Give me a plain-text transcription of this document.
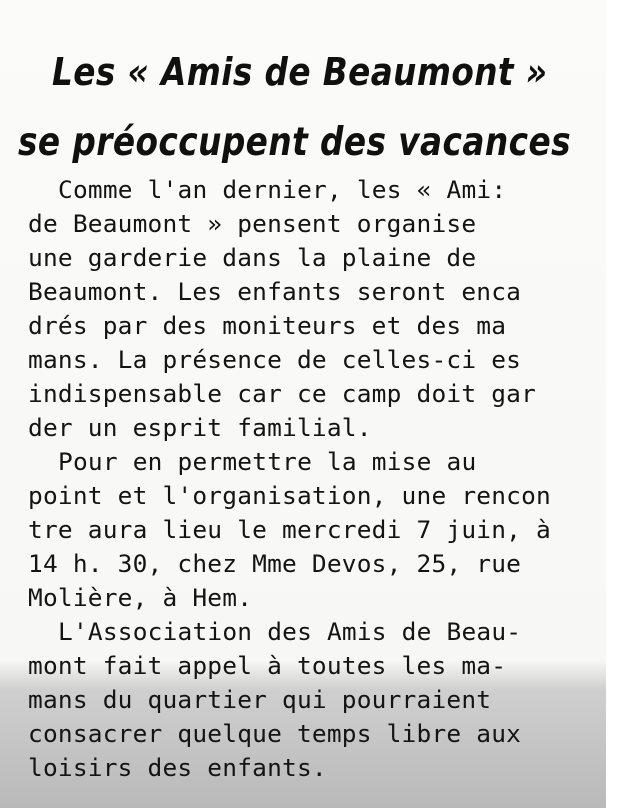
Les « Amis de Beaumont »
se préoccupent des vacances
Comme l'an dernier, les « Ami:
de Beaumont » pensent organise
une garderie dans la plaine de
Beaumont. Les enfants seront enca
drés par des moniteurs et des ma
mans. La présence de celles-ci es
indispensable car ce camp doit gar
der un esprit familial.
Pour en permettre la mise au
point et l'organisation, une rencon
tre aura lieu le mercredi 7 juin, à
14 h. 30, chez Mme Devos, 25, rue
Molière, à Hem.
L'Association des Amis de Beau-
mont fait appel à toutes les ma-
mans du quartier qui pourraient
consacrer quelque temps libre aux
loisirs des enfants.
